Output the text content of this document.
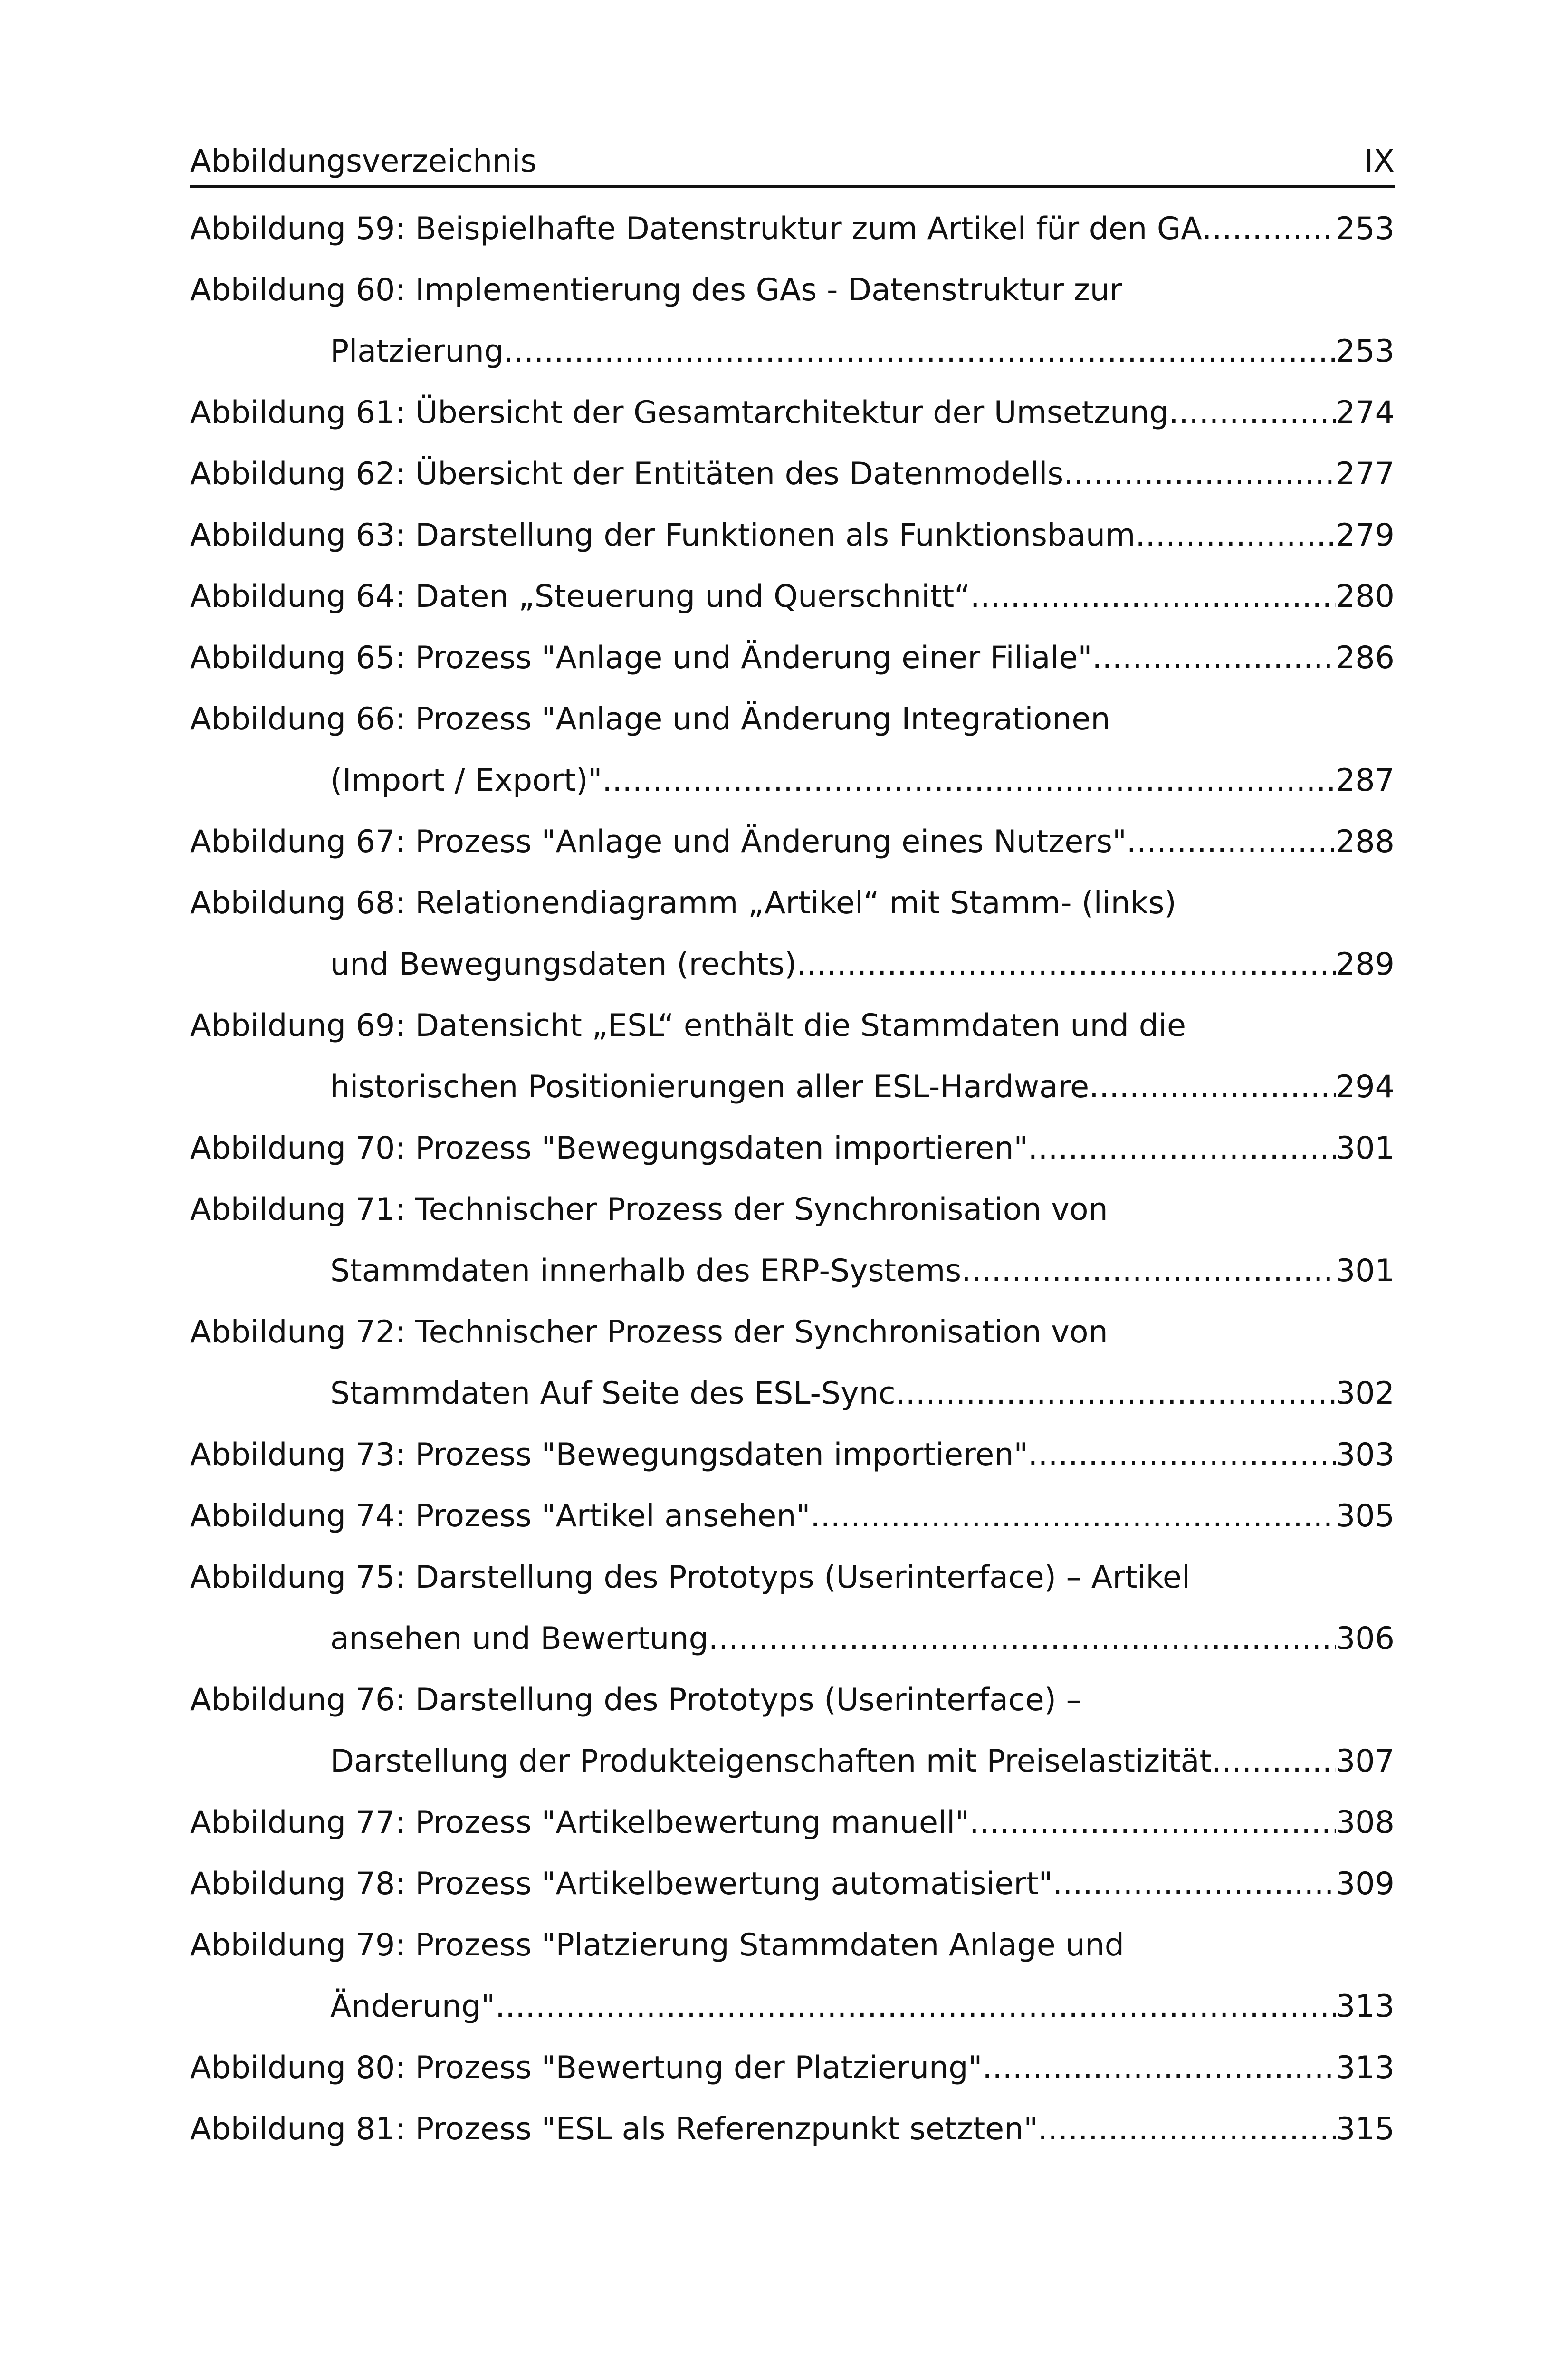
Abbildungsverzeichnis	IX
Abbildung 59: Beispielhafte Datenstruktur zum Artikel für den GA .....	253
Abbildung 60: Implementierung des GAs - Datenstruktur zur
Platzierung .....	253
Abbildung 61: Übersicht der Gesamtarchitektur der Umsetzung .....	274
Abbildung 62: Übersicht der Entitäten des Datenmodells .....	277
Abbildung 63: Darstellung der Funktionen als Funktionsbaum .....	279
Abbildung 64: Daten „Steuerung und Querschnitt“ .....	280
Abbildung 65: Prozess "Anlage und Änderung einer Filiale" .....	286
Abbildung 66: Prozess "Anlage und Änderung Integrationen
(Import / Export)" .....	287
Abbildung 67: Prozess "Anlage und Änderung eines Nutzers" .....	288
Abbildung 68: Relationendiagramm „Artikel“ mit Stamm- (links)
und Bewegungsdaten (rechts) .....	289
Abbildung 69: Datensicht „ESL“ enthält die Stammdaten und die
historischen Positionierungen aller ESL-Hardware .....	294
Abbildung 70: Prozess "Bewegungsdaten importieren" .....	301
Abbildung 71: Technischer Prozess der Synchronisation von
Stammdaten innerhalb des ERP-Systems .....	301
Abbildung 72: Technischer Prozess der Synchronisation von
Stammdaten Auf Seite des ESL-Sync .....	302
Abbildung 73: Prozess "Bewegungsdaten importieren" .....	303
Abbildung 74: Prozess "Artikel ansehen" .....	305
Abbildung 75: Darstellung des Prototyps (Userinterface) – Artikel
ansehen und Bewertung .....	306
Abbildung 76: Darstellung des Prototyps (Userinterface) –
Darstellung der Produkteigenschaften mit Preiselastizität .....	307
Abbildung 77: Prozess "Artikelbewertung manuell" .....	308
Abbildung 78: Prozess "Artikelbewertung automatisiert" .....	309
Abbildung 79: Prozess "Platzierung Stammdaten Anlage und
Änderung" .....	313
Abbildung 80: Prozess "Bewertung der Platzierung" .....	313
Abbildung 81: Prozess "ESL als Referenzpunkt setzten" .....	315
